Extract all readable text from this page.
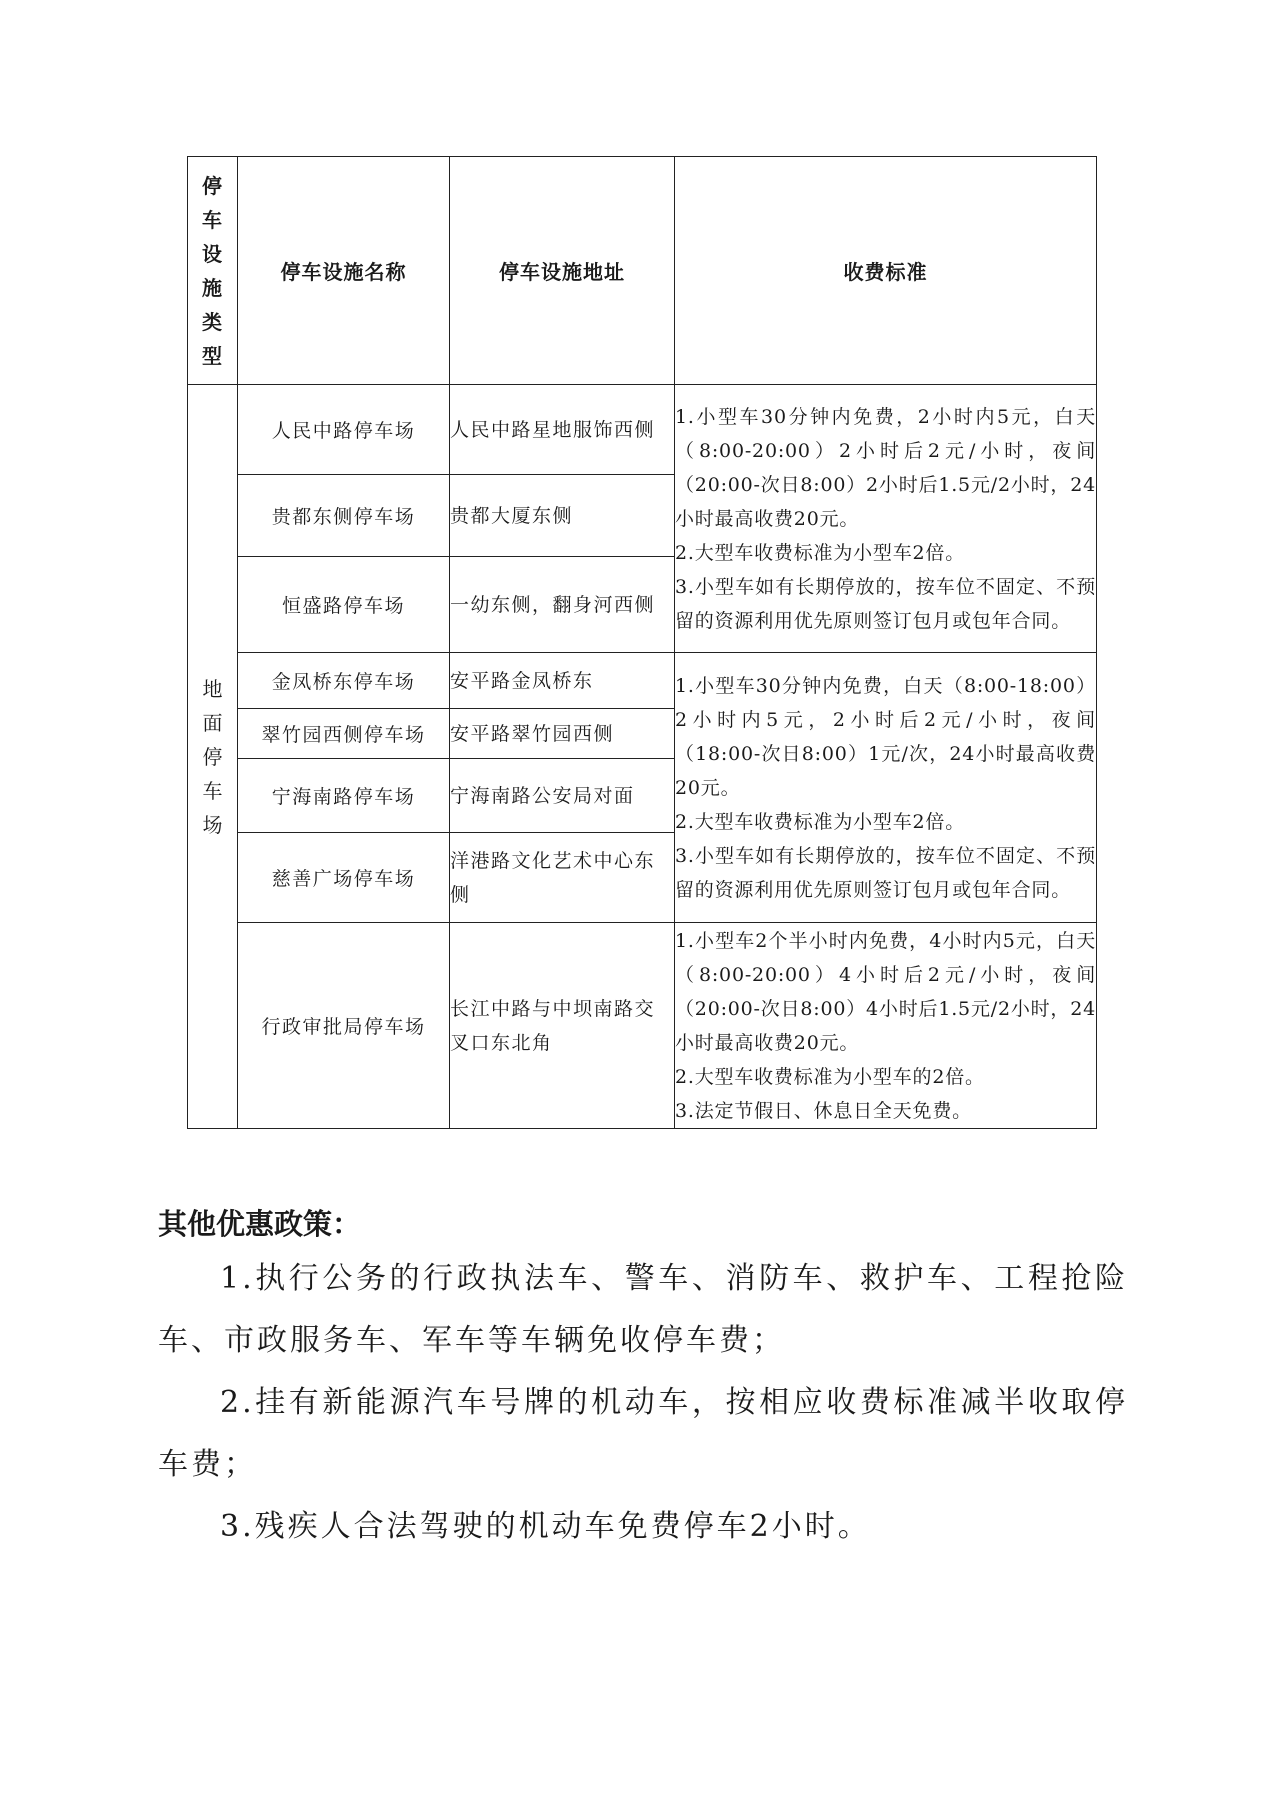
停车设施类型	停车设施名称	停车设施地址	收费标准

地面停车场	人民中路停车场	人民中路星地服饰西侧	1.小型车30分钟内免费，2小时内5元，白天（8:00-20:00）2小时后2元/小时，夜间（20:00-次日8:00）2小时后1.5元/2小时，24小时最高收费20元。
2.大型车收费标准为小型车2倍。
3.小型车如有长期停放的，按车位不固定、不预留的资源利用优先原则签订包月或包年合同。

	贵都东侧停车场	贵都大厦东侧	
	恒盛路停车场	一幼东侧，翻身河西侧	
	金凤桥东停车场	安平路金凤桥东	1.小型车30分钟内免费，白天（8:00-18:00）2小时内5元，2小时后2元/小时，夜间（18:00-次日8:00）1元/次，24小时最高收费20元。
2.大型车收费标准为小型车2倍。
3.小型车如有长期停放的，按车位不固定、不预留的资源利用优先原则签订包月或包年合同。

	翠竹园西侧停车场	安平路翠竹园西侧	
	宁海南路停车场	宁海南路公安局对面	
	慈善广场停车场	洋港路文化艺术中心东侧	
	行政审批局停车场	长江中路与中坝南路交叉口东北角	1.小型车2个半小时内免费，4小时内5元，白天（8:00-20:00）4小时后2元/小时，夜间（20:00-次日8:00）4小时后1.5元/2小时，24小时最高收费20元。
2.大型车收费标准为小型车的2倍。
3.法定节假日、休息日全天免费。
其他优惠政策：

1.执行公务的行政执法车、警车、消防车、救护车、工程抢险车、市政服务车、军车等车辆免收停车费；

2.挂有新能源汽车号牌的机动车，按相应收费标准减半收取停车费；

3.残疾人合法驾驶的机动车免费停车2小时。
